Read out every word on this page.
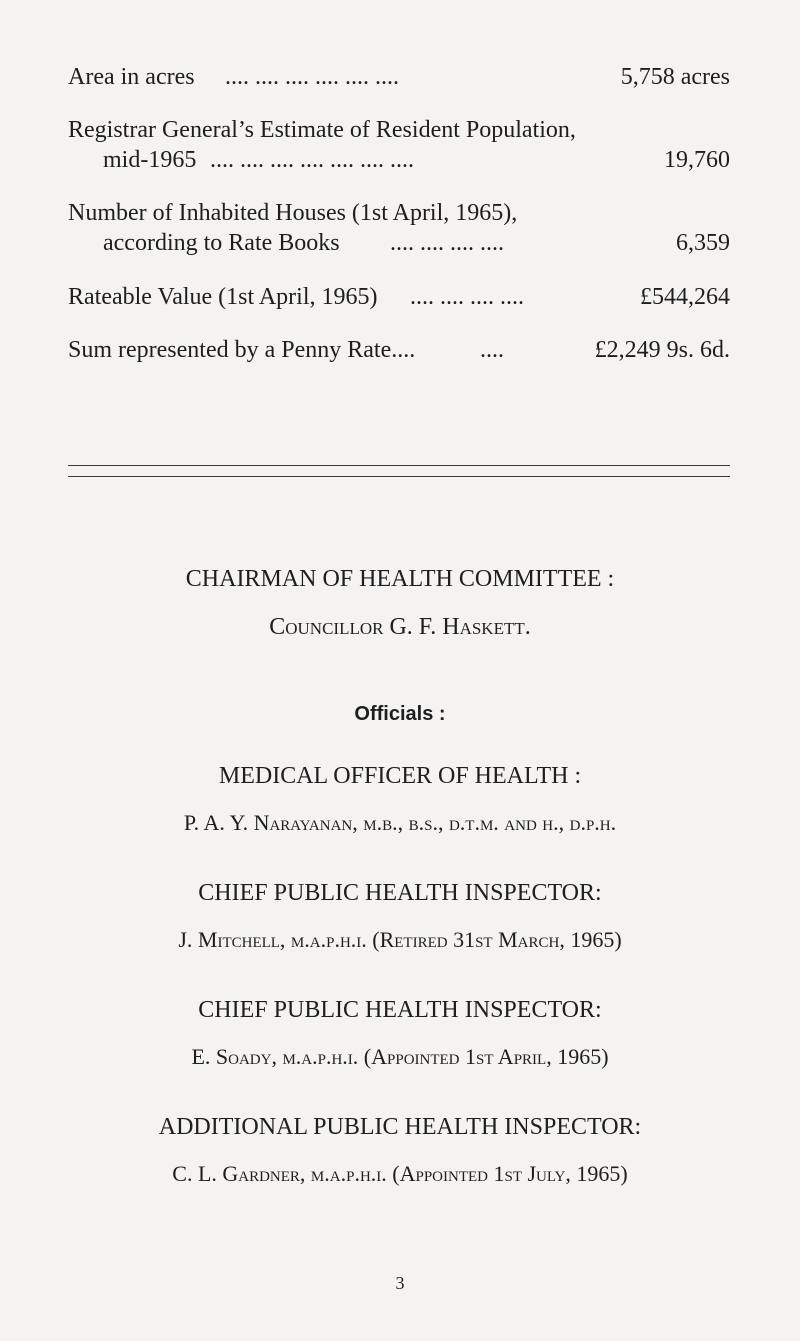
Area in acres .... .... .... .... .... ....	5,758 acres
Registrar General’s Estimate of Resident Population,
mid-1965 .... .... .... .... .... .... ....	19,760
Number of Inhabited Houses (1st April, 1965),
according to Rate Books .... .... .... ....	6,359
Rateable Value (1st April, 1965) .... .... .... ....	£544,264
Sum represented by a Penny Rate....	....	£2,249 9s. 6d.
CHAIRMAN OF HEALTH COMMITTEE :
Councillor G. F. Haskett.
Officials :
MEDICAL OFFICER OF HEALTH :
P. A. Y. Narayanan, m.b., b.s., d.t.m. and h., d.p.h.
CHIEF PUBLIC HEALTH INSPECTOR:
J. Mitchell, m.a.p.h.i. (Retired 31st March, 1965)
CHIEF PUBLIC HEALTH INSPECTOR:
E. Soady, m.a.p.h.i. (Appointed 1st April, 1965)
ADDITIONAL PUBLIC HEALTH INSPECTOR:
C. L. Gardner, m.a.p.h.i. (Appointed 1st July, 1965)
3
